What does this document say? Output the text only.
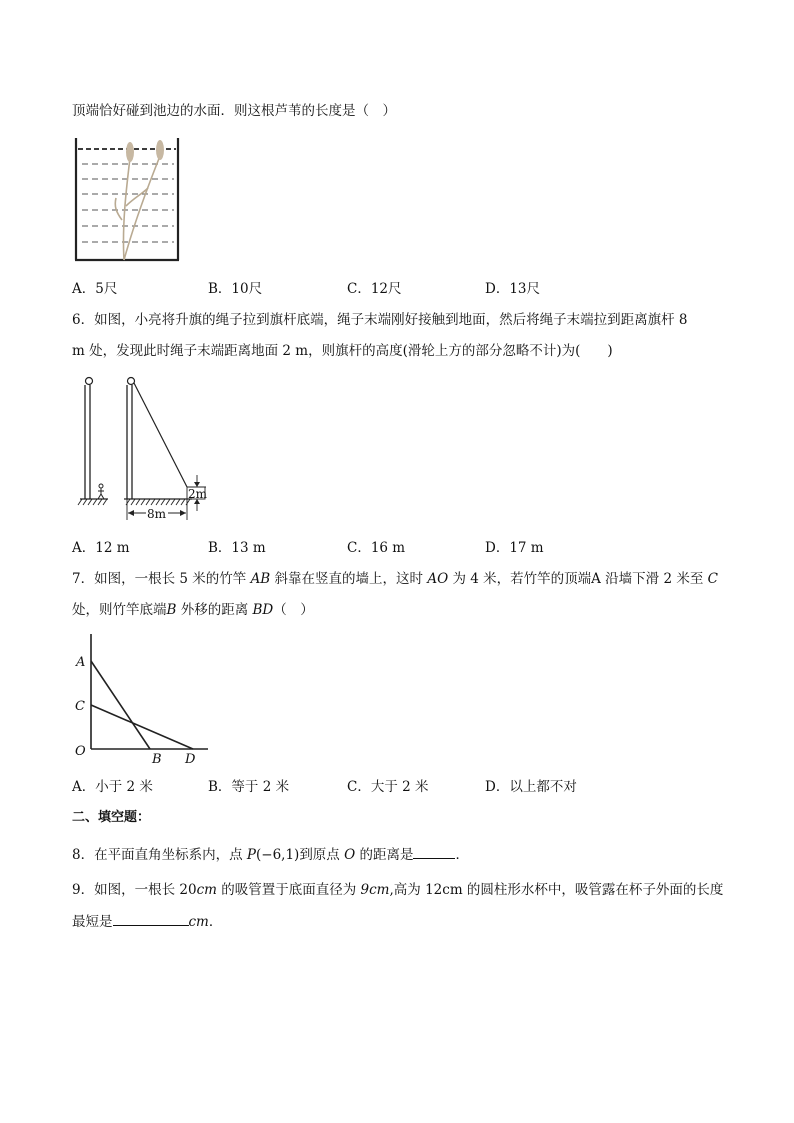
顶端恰好碰到池边的水面．则这根芦苇的长度是（　）
A．5尺	B．10尺	C．12尺	D．13尺
6．如图，小亮将升旗的绳子拉到旗杆底端，绳子末端刚好接触到地面，然后将绳子末端拉到距离旗杆 8
m 处，发现此时绳子末端距离地面 2 m，则旗杆的高度(滑轮上方的部分忽略不计)为(　　)
2m
8m
A．12 m	B．13 m	C．16 m	D．17 m
7．如图，一根长 5 米的竹竿 AB 斜靠在竖直的墙上，这时 AO 为 4 米，若竹竿的顶端A 沿墙下滑 2 米至 C
处，则竹竿底端B 外移的距离 BD（　）
A
C
O
B D
A．小于 2 米	B．等于 2 米	C．大于 2 米	D．以上都不对
二、填空题：
8．在平面直角坐标系内，点 P(−6,1)到原点 O 的距离是	．
9．如图，一根长 20cm 的吸管置于底面直径为 9cm,高为 12cm 的圆柱形水杯中，吸管露在杯子外面的长度
最短是	cm．
